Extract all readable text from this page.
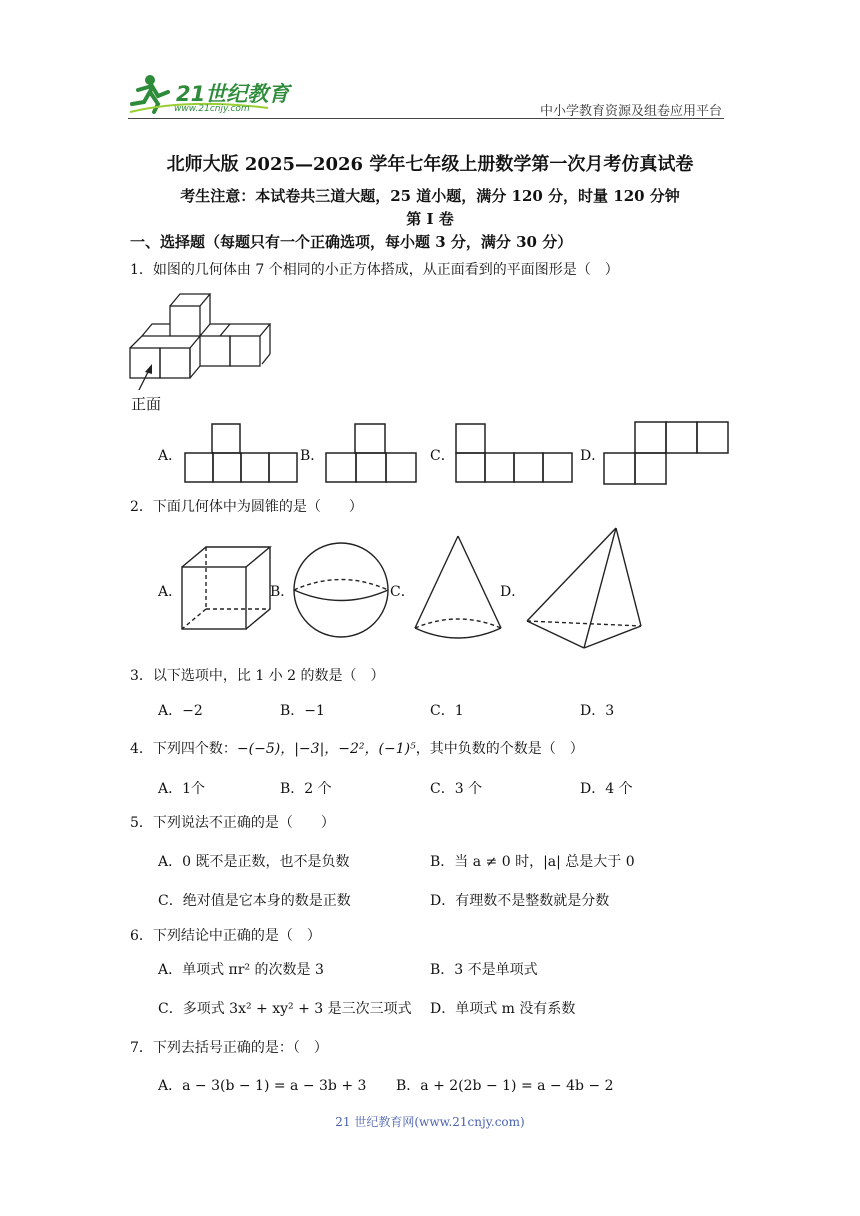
21世纪教育
www.21cnjy.com	中小学教育资源及组卷应用平台
北师大版 2025—2026 学年七年级上册数学第一次月考仿真试卷
考生注意：本试卷共三道大题，25 道小题，满分 120 分，时量 120 分钟
第 I 卷
一、选择题（每题只有一个正确选项，每小题 3 分，满分 30 分）
1．如图的几何体由 7 个相同的小正方体搭成，从正面看到的平面图形是（　）
正面
A．	B．	C．	D．
2．下面几何体中为圆锥的是（　　）
A．	B．	C．	D．
3．以下选项中，比 1 小 2 的数是（　）
A．−2	B．−1	C．1	D．3
4．下列四个数：−(−5)，|−3|，−2²，(−1)⁵，其中负数的个数是（　）
A．1个	B．2 个	C．3 个	D．4 个
5．下列说法不正确的是（　　）
A．0 既不是正数，也不是负数	B．当 a ≠ 0 时，|a| 总是大于 0
C．绝对值是它本身的数是正数	D．有理数不是整数就是分数
6．下列结论中正确的是（　）
A．单项式 πr² 的次数是 3	B．3 不是单项式
C．多项式 3x² + xy² + 3 是三次三项式 D．单项式 m 没有系数
7．下列去括号正确的是：（　）
A．a − 3(b − 1) = a − 3b + 3 B．a + 2(2b − 1) = a − 4b − 2
21 世纪教育网(www.21cnjy.com)
